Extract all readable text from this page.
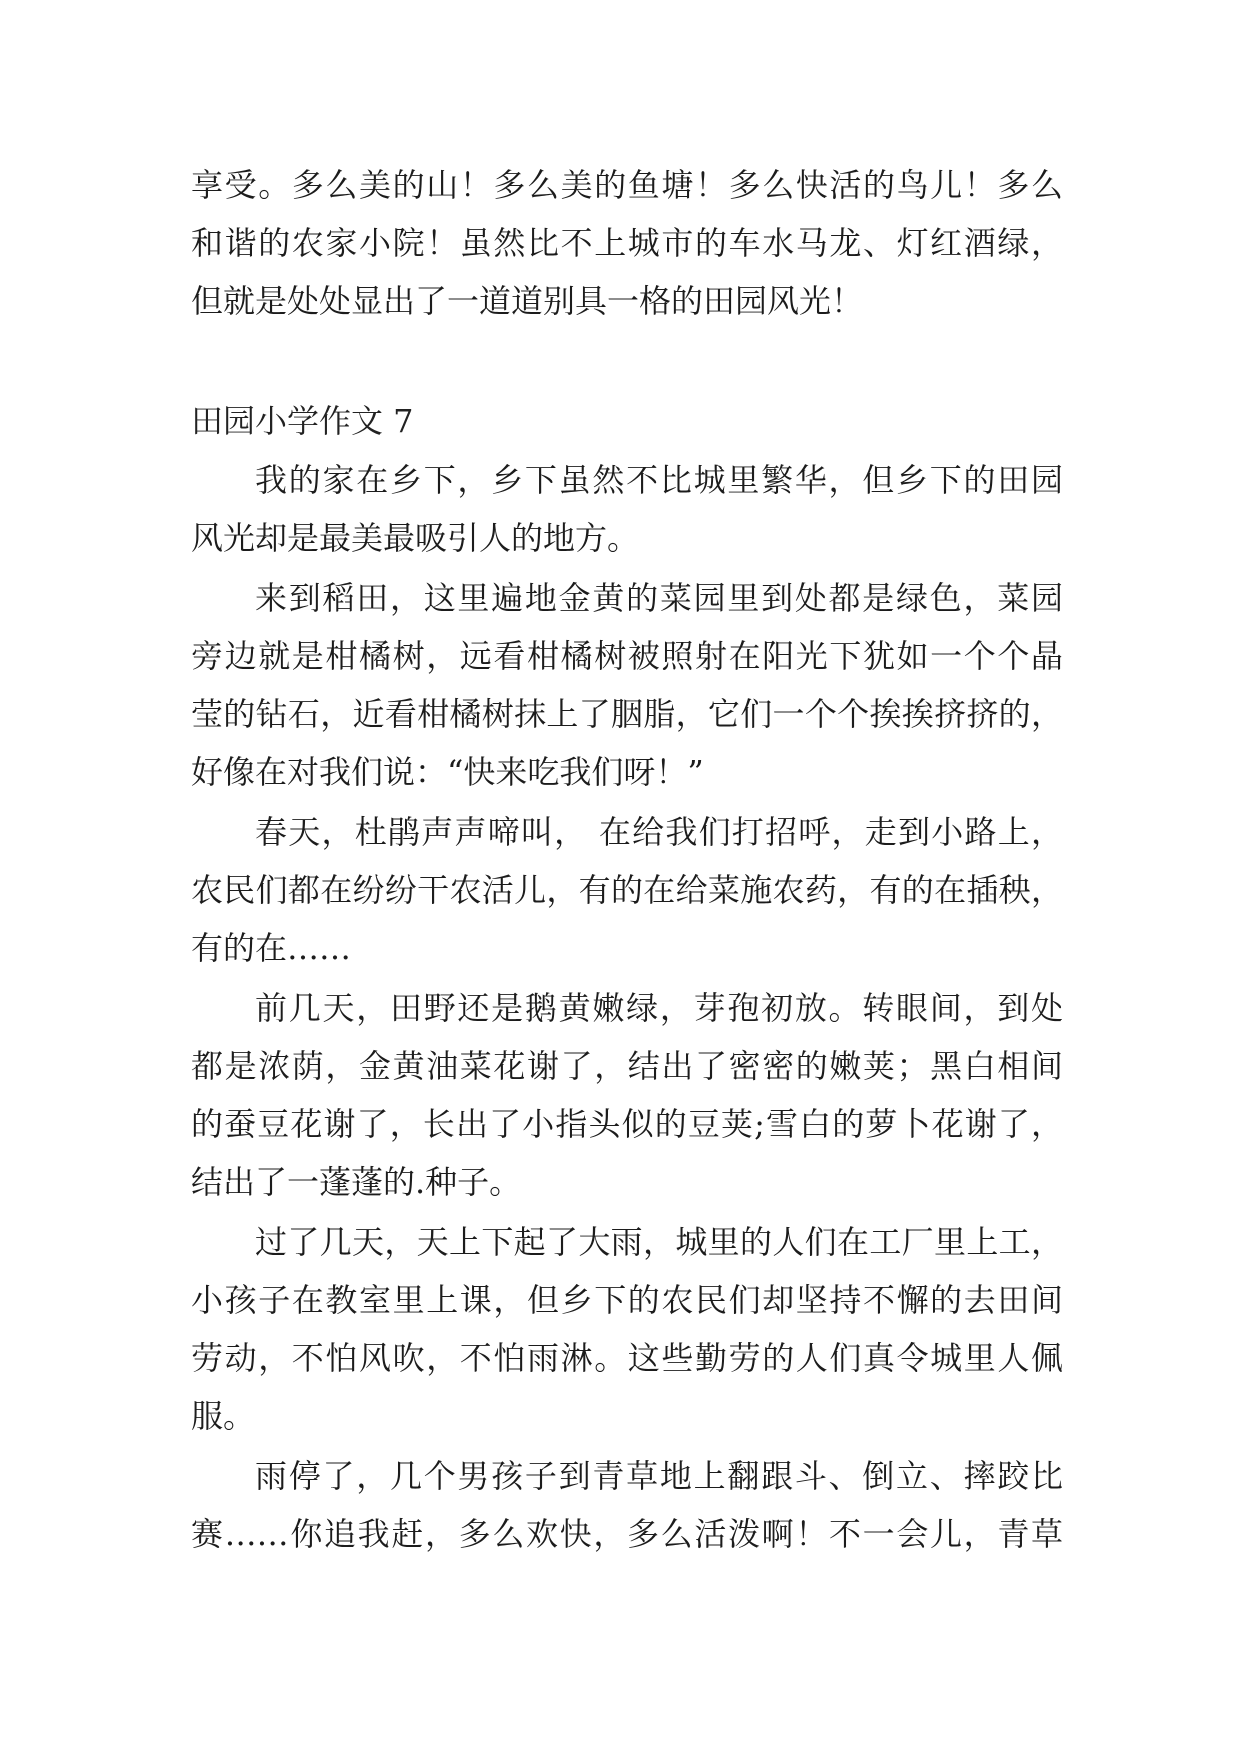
享受。多么美的山！多么美的鱼塘！多么快活的鸟儿！多么
和谐的农家小院！虽然比不上城市的车水马龙、灯红酒绿，
但就是处处显出了一道道别具一格的田园风光！
田园小学作文 7
我的家在乡下，乡下虽然不比城里繁华，但乡下的田园
风光却是最美最吸引人的地方。
来到稻田，这里遍地金黄的菜园里到处都是绿色，菜园
旁边就是柑橘树，远看柑橘树被照射在阳光下犹如一个个晶
莹的钻石，近看柑橘树抹上了胭脂，它们一个个挨挨挤挤的，
好像在对我们说：“快来吃我们呀！”
春天，杜鹃声声啼叫， 在给我们打招呼，走到小路上，
农民们都在纷纷干农活儿，有的在给菜施农药，有的在插秧，
有的在……
前几天，田野还是鹅黄嫩绿，芽孢初放。转眼间，到处
都是浓荫，金黄油菜花谢了，结出了密密的嫩荚；黑白相间
的蚕豆花谢了，长出了小指头似的豆荚;雪白的萝卜花谢了，
结出了一蓬蓬的.种子。
过了几天，天上下起了大雨，城里的人们在工厂里上工，
小孩子在教室里上课，但乡下的农民们却坚持不懈的去田间
劳动，不怕风吹，不怕雨淋。这些勤劳的人们真令城里人佩
服。
雨停了，几个男孩子到青草地上翻跟斗、倒立、摔跤比
赛……你追我赶，多么欢快，多么活泼啊！不一会儿，青草
